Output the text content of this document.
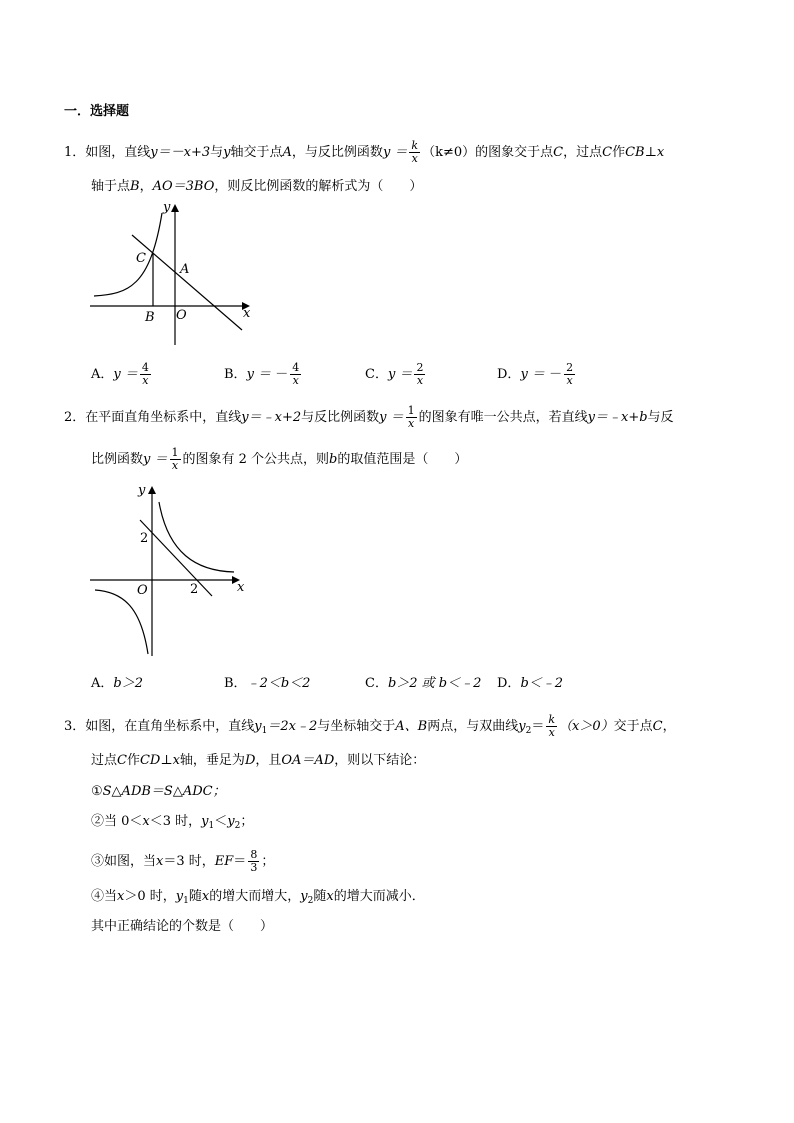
一．选择题
1．如图，直线y＝－x+3与y轴交于点A，与反比例函数$y = \frac{k}{x} (k\ne 0)$的图象交于点C，过点C作CB⊥x
轴于点B，AO＝3BO，则反比例函数的解析式为（　　）
y
x
C
A
B O
A．$y = \frac{4}{x}$	B．y ＝ － $\frac{4}{x}$	C．$y = \frac{2}{x}$	D．y ＝ － $\frac{2}{x}$
2．在平面直角坐标系中，直线y＝﹣x+2与反比例函数$y = \frac{1}{x}$ 的图象有唯一公共点，若直线y＝﹣x+b与反
比例函数$y = \frac{1}{x}$ 的图象有 2 个公共点，则b的取值范围是（　　）
y
x
2
2
O
A．b＞2	B．﹣2＜b＜2	C．b＞2 或 b＜﹣2 D．b＜﹣2
3．如图，在直角坐标系中，直线$y_1=2x﹣2$与坐标轴交于A、B两点，与双曲线$y_2= \frac{k}{x} (x>0)$交于点C，
过点C作CD⊥x轴，垂足为D，且OA＝AD，则以下结论：
①S△ADB＝S△ADC；
②当 0＜x＜3 时，$y_1<y_2$；
③如图，当x＝3 时，$EF= \frac{8}{3}$ ；
④当x＞0 时，$y_1$随x的增大而增大，$y_2$随x的增大而减小．
其中正确结论的个数是（　　）
